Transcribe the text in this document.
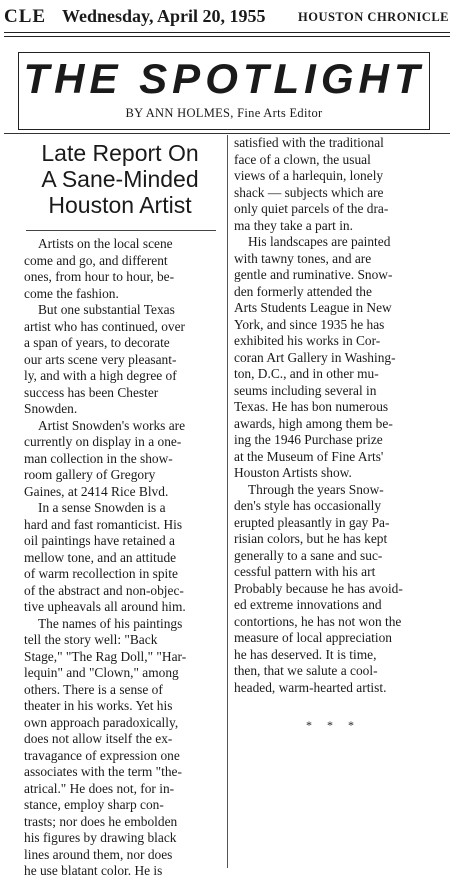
CLE Wednesday, April 20, 1955	HOUSTON CHRONICLE
THE SPOTLIGHT
BY ANN HOLMES, Fine Arts Editor
Late Report On
A Sane-Minded
Houston Artist
Artists on the local scene
come and go, and different
ones, from hour to hour, be-
come the fashion.
But one substantial Texas
artist who has continued, over
a span of years, to decorate
our arts scene very pleasant-
ly, and with a high degree of
success has been Chester
Snowden.
Artist Snowden's works are
currently on display in a one-
man collection in the show-
room gallery of Gregory
Gaines, at 2414 Rice Blvd.
In a sense Snowden is a
hard and fast romanticist. His
oil paintings have retained a
mellow tone, and an attitude
of warm recollection in spite
of the abstract and non-objec-
tive upheavals all around him.
The names of his paintings
tell the story well: "Back
Stage," "The Rag Doll," "Har-
lequin" and "Clown," among
others. There is a sense of
theater in his works. Yet his
own approach paradoxically,
does not allow itself the ex-
travagance of expression one
associates with the term "the-
atrical." He does not, for in-
stance, employ sharp con-
trasts; nor does he embolden
his figures by drawing black
lines around them, nor does
he use blatant color. He is
satisfied with the traditional
face of a clown, the usual
views of a harlequin, lonely
shack — subjects which are
only quiet parcels of the dra-
ma they take a part in.
His landscapes are painted
with tawny tones, and are
gentle and ruminative. Snow-
den formerly attended the
Arts Students League in New
York, and since 1935 he has
exhibited his works in Cor-
coran Art Gallery in Washing-
ton, D.C., and in other mu-
seums including several in
Texas. He has bon numerous
awards, high among them be-
ing the 1946 Purchase prize
at the Museum of Fine Arts'
Houston Artists show.
Through the years Snow-
den's style has occasionally
erupted pleasantly in gay Pa-
risian colors, but he has kept
generally to a sane and suc-
cessful pattern with his art
Probably because he has avoid-
ed extreme innovations and
contortions, he has not won the
measure of local appreciation
he has deserved. It is time,
then, that we salute a cool-
headed, warm-hearted artist.
* * *
